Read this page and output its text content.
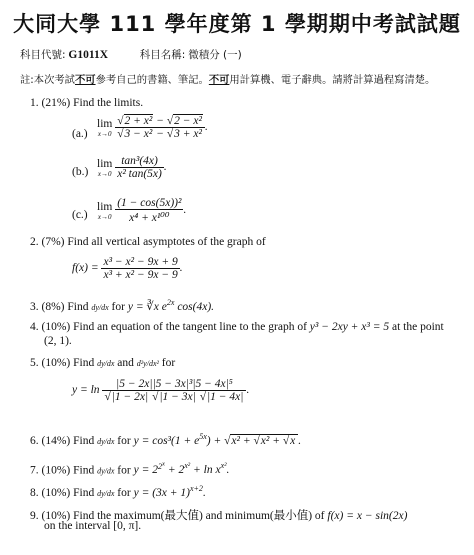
大同大學 111 學年度第 1 學期期中考試試題
科目代號: G1011X	科目名稱: 微積分 (一)
註:本次考試不可參考自己的書籍、筆記。不可用計算機、電子辭典。請將計算過程寫清楚。
1. (21%) Find the limits.
(a.)
lim
x→0
$\frac{\text{√2 + x² − √2 − x²}}{\text{√3 − x² − √3 + x²}}$ .
(b.)
lim
x→0
$\frac{\text{tan³(4x)}}{\text{x² tan(5x)}}$ .
(c.)
lim
x→0
$\frac{\text{(1 − cos(5x))²}}{\text{x⁴ + x¹⁰⁰}}$ .
2. (7%) Find all vertical asymptotes of the graph of
$f(x) = \frac{\text{x³ − x² − 9x + 9}}{\text{x³ + x² − 9x − 9}}$ .
3. (8%) Find dy/dx for y = ∛x $e^{2x}$ cos(4x).
4. (10%) Find an equation of the tangent line to the graph of y³ − 2xy + x³ = 5 at the point
(2, 1).
5. (10%) Find dy/dx and d²y/dx² for
$y = \ln \frac{\text{|5 − 2x||5 − 3x|³|5 − 4x|⁵}}{√|1 - 2x| √|1 - 3x| √|1 - 4x|}$ .
6. (14%) Find dy/dx for $y = \cos^3(1 + e^{5x}) + √x^2 + √x^2 + √x$ .
7. (10%) Find dy/dx for $y = 2^{2^x} + 2^{x^2} + \ln x^{x^2}$.
8. (10%) Find dy/dx for $y = (3x + 1)^{x+2}$.
9. (10%) Find the maximum(最大值) and minimum(最小值) of f(x) = x − sin(2x)
on the interval [0, π].
